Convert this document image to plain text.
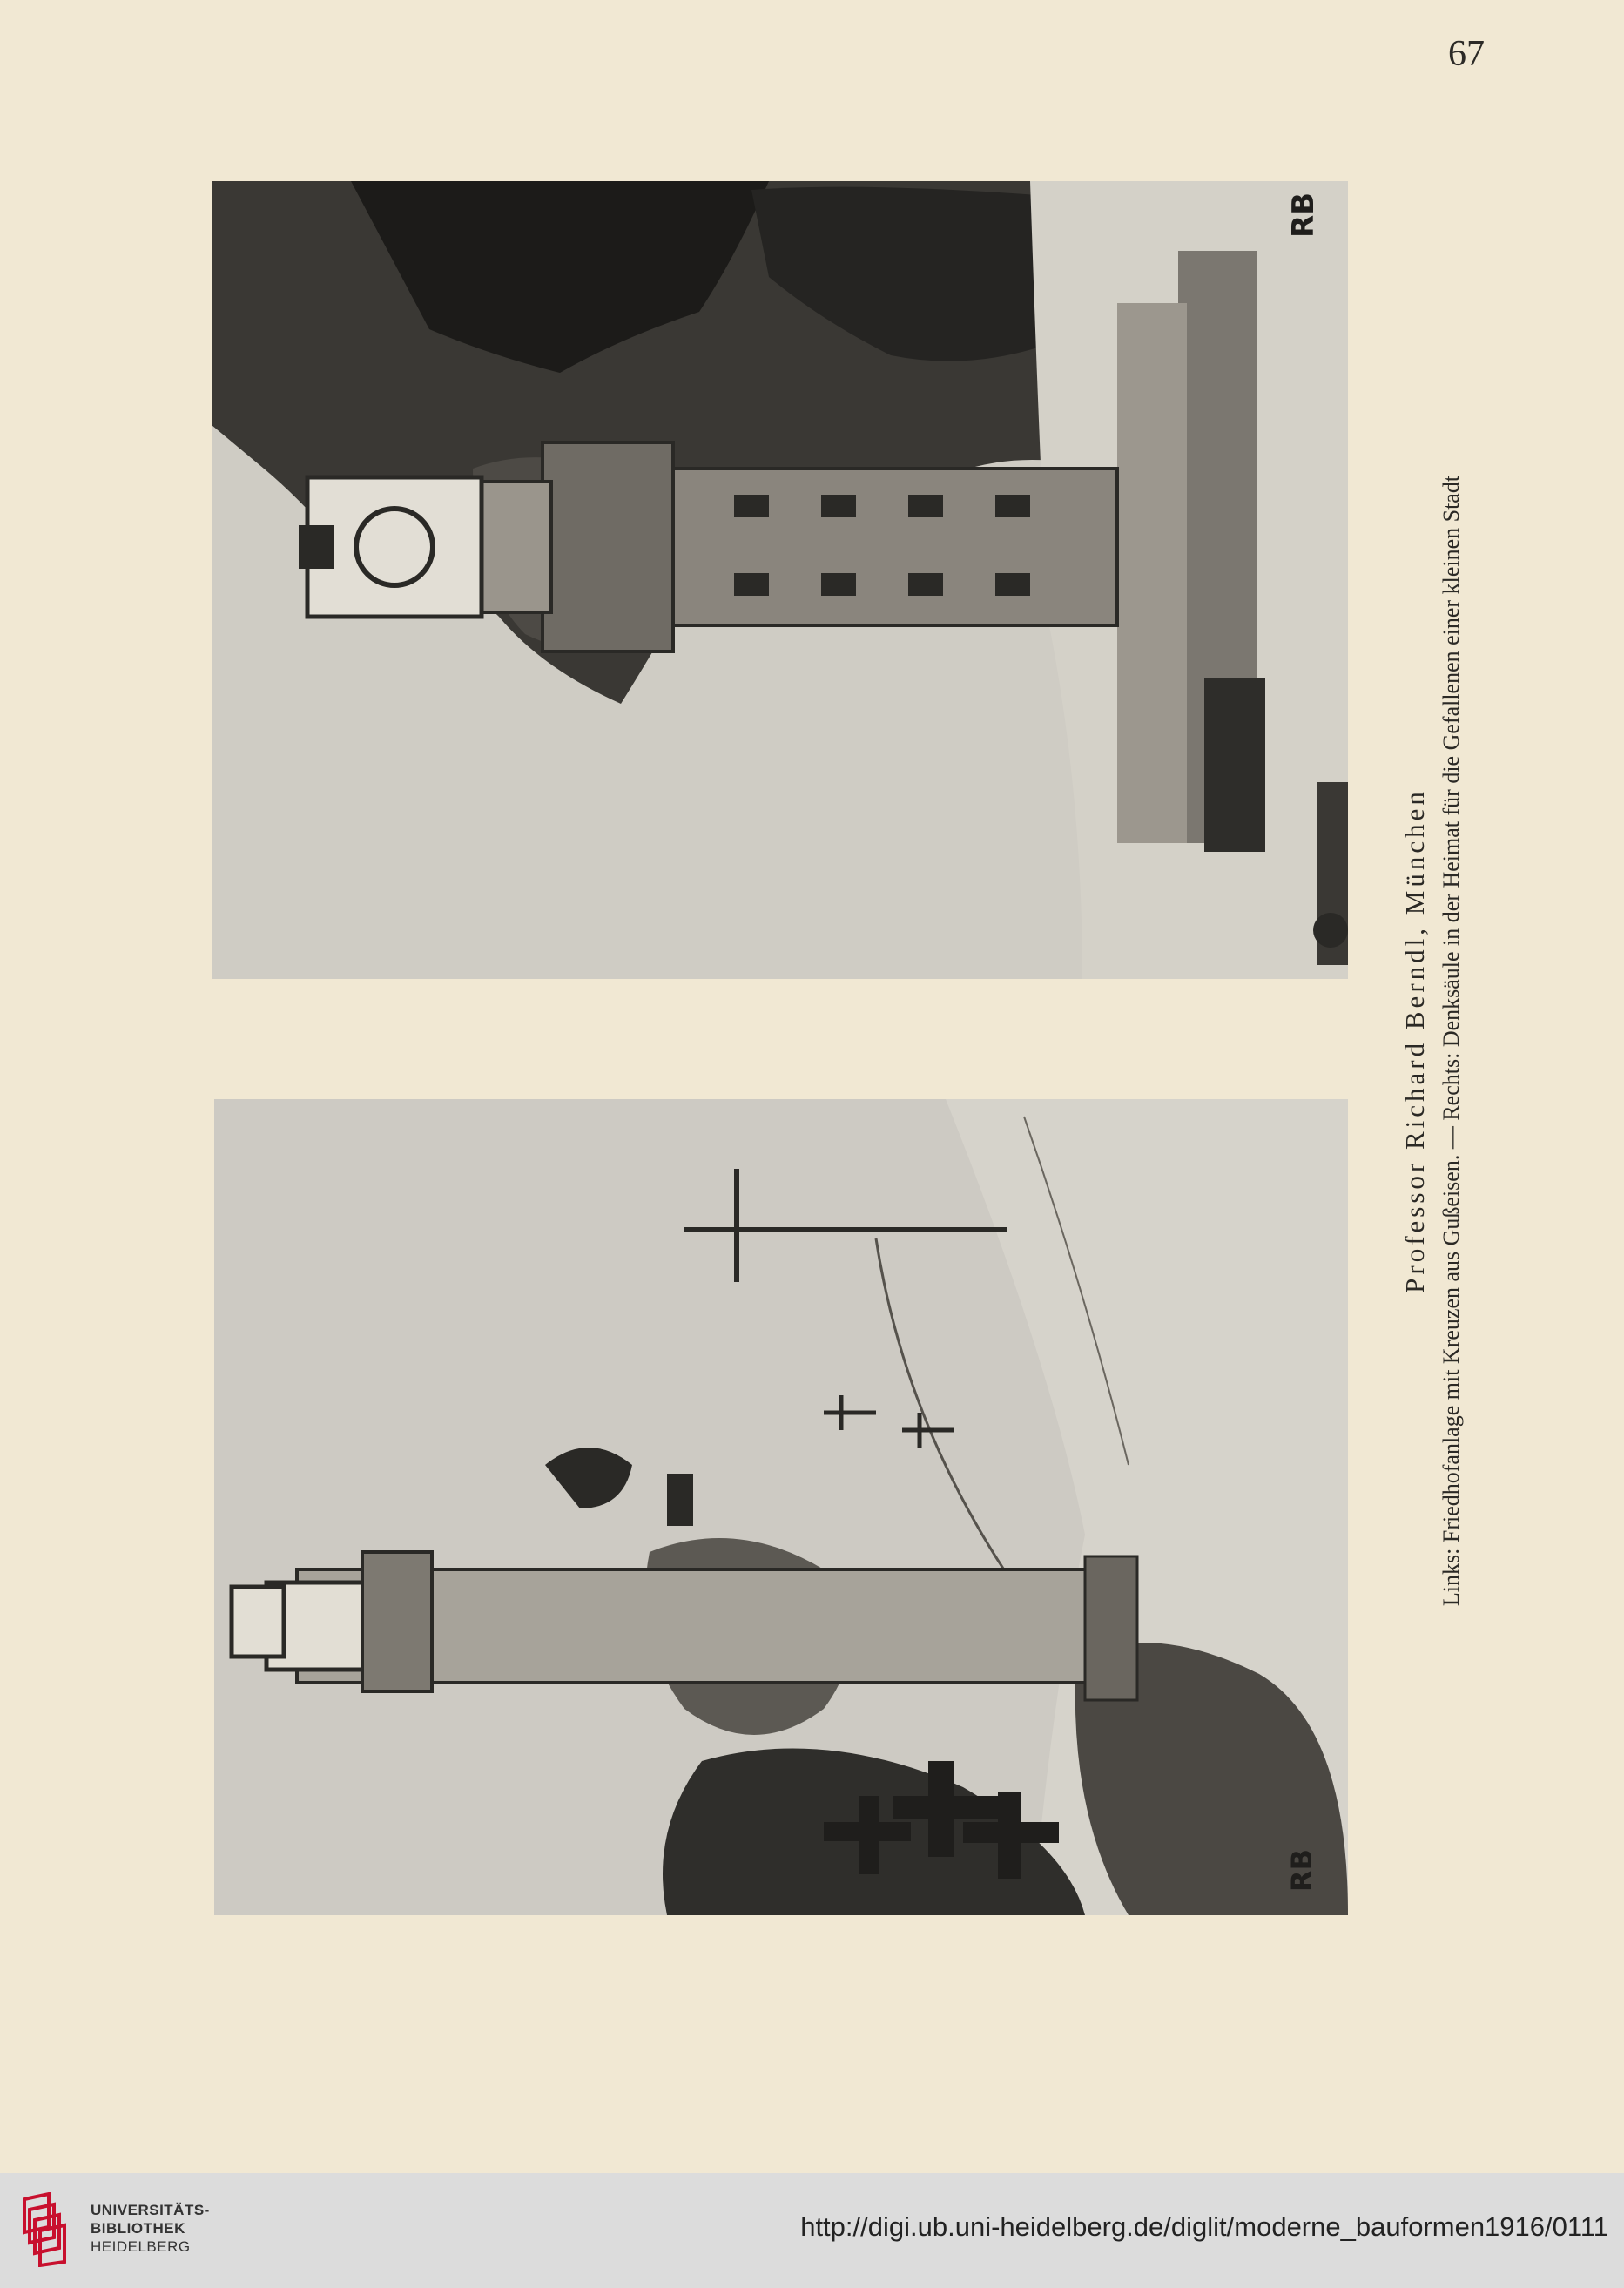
67
RB
RB
Professor Richard Berndl, München Links: Friedhofanlage mit Kreuzen aus Gußeisen. — Rechts: Denksäule in der Heimat für die Gefallenen einer kleinen Stadt
UNIVERSITÄTS-
BIBLIOTHEK
HEIDELBERG
http://digi.ub.uni-heidelberg.de/diglit/moderne_bauformen1916/0111
